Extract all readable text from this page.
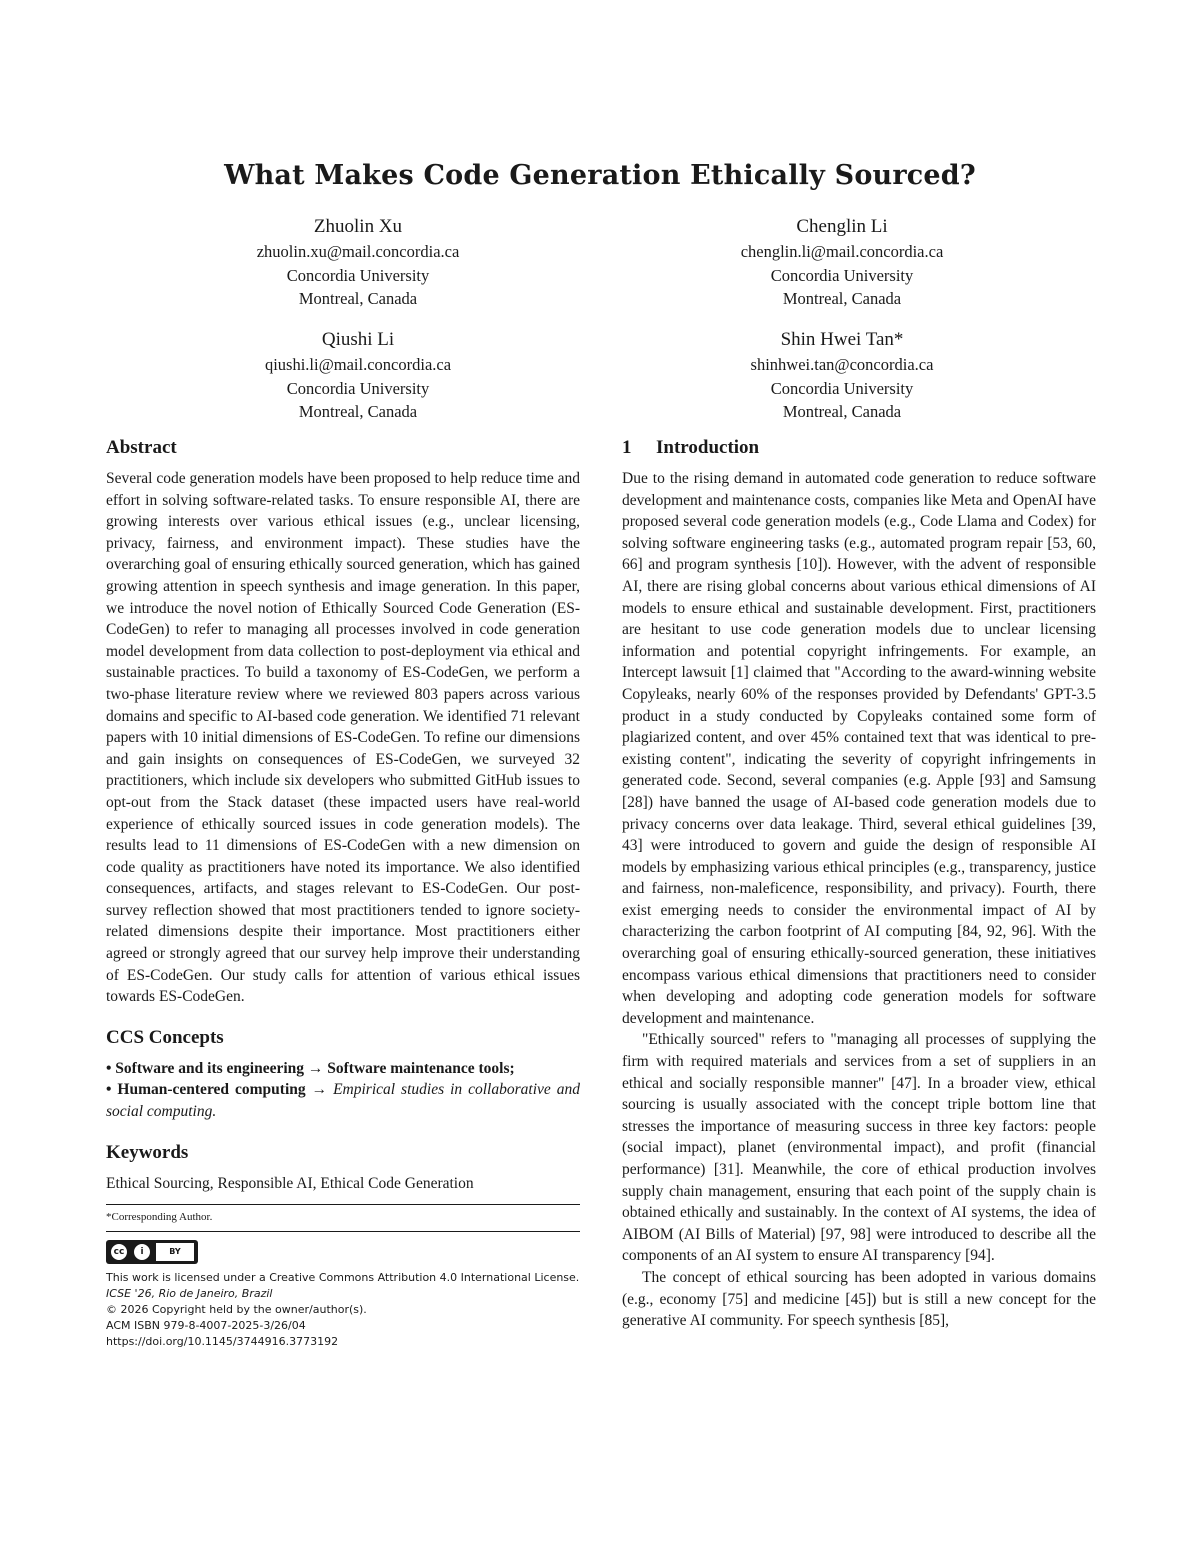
What Makes Code Generation Ethically Sourced?
Zhuolin Xu
zhuolin.xu@mail.concordia.ca
Concordia University
Montreal, Canada
Chenglin Li
chenglin.li@mail.concordia.ca
Concordia University
Montreal, Canada
Qiushi Li
qiushi.li@mail.concordia.ca
Concordia University
Montreal, Canada
Shin Hwei Tan*
shinhwei.tan@concordia.ca
Concordia University
Montreal, Canada
Abstract

Several code generation models have been proposed to help reduce time and effort in solving software-related tasks. To ensure responsible AI, there are growing interests over various ethical issues (e.g., unclear licensing, privacy, fairness, and environment impact). These studies have the overarching goal of ensuring ethically sourced generation, which has gained growing attention in speech synthesis and image generation. In this paper, we introduce the novel notion of Ethically Sourced Code Generation (ES-CodeGen) to refer to managing all processes involved in code generation model development from data collection to post-deployment via ethical and sustainable practices. To build a taxonomy of ES-CodeGen, we perform a two-phase literature review where we reviewed 803 papers across various domains and specific to AI-based code generation. We identified 71 relevant papers with 10 initial dimensions of ES-CodeGen. To refine our dimensions and gain insights on consequences of ES-CodeGen, we surveyed 32 practitioners, which include six developers who submitted GitHub issues to opt-out from the Stack dataset (these impacted users have real-world experience of ethically sourced issues in code generation models). The results lead to 11 dimensions of ES-CodeGen with a new dimension on code quality as practitioners have noted its importance. We also identified consequences, artifacts, and stages relevant to ES-CodeGen. Our post-survey reflection showed that most practitioners tended to ignore society-related dimensions despite their importance. Most practitioners either agreed or strongly agreed that our survey help improve their understanding of ES-CodeGen. Our study calls for attention of various ethical issues towards ES-CodeGen.

CCS Concepts
• Software and its engineering → Software maintenance tools;
• Human-centered computing → Empirical studies in collaborative and social computing.
Keywords

Ethical Sourcing, Responsible AI, Ethical Code Generation

*Corresponding Author.
cc	i	BY
This work is licensed under a Creative Commons Attribution 4.0 International License.
ICSE '26, Rio de Janeiro, Brazil
© 2026 Copyright held by the owner/author(s).
ACM ISBN 979-8-4007-2025-3/26/04
https://doi.org/10.1145/3744916.3773192
1 Introduction

Due to the rising demand in automated code generation to reduce software development and maintenance costs, companies like Meta and OpenAI have proposed several code generation models (e.g., Code Llama and Codex) for solving software engineering tasks (e.g., automated program repair [53, 60, 66] and program synthesis [10]). However, with the advent of responsible AI, there are rising global concerns about various ethical dimensions of AI models to ensure ethical and sustainable development. First, practitioners are hesitant to use code generation models due to unclear licensing information and potential copyright infringements. For example, an Intercept lawsuit [1] claimed that "According to the award-winning website Copyleaks, nearly 60% of the responses provided by Defendants' GPT-3.5 product in a study conducted by Copyleaks contained some form of plagiarized content, and over 45% contained text that was identical to pre-existing content", indicating the severity of copyright infringements in generated code. Second, several companies (e.g. Apple [93] and Samsung [28]) have banned the usage of AI-based code generation models due to privacy concerns over data leakage. Third, several ethical guidelines [39, 43] were introduced to govern and guide the design of responsible AI models by emphasizing various ethical principles (e.g., transparency, justice and fairness, non-maleficence, responsibility, and privacy). Fourth, there exist emerging needs to consider the environmental impact of AI by characterizing the carbon footprint of AI computing [84, 92, 96]. With the overarching goal of ensuring ethically-sourced generation, these initiatives encompass various ethical dimensions that practitioners need to consider when developing and adopting code generation models for software development and maintenance.

"Ethically sourced" refers to "managing all processes of supplying the firm with required materials and services from a set of suppliers in an ethical and socially responsible manner" [47]. In a broader view, ethical sourcing is usually associated with the concept triple bottom line that stresses the importance of measuring success in three key factors: people (social impact), planet (environmental impact), and profit (financial performance) [31]. Meanwhile, the core of ethical production involves supply chain management, ensuring that each point of the supply chain is obtained ethically and sustainably. In the context of AI systems, the idea of AIBOM (AI Bills of Material) [97, 98] were introduced to describe all the components of an AI system to ensure AI transparency [94].

The concept of ethical sourcing has been adopted in various domains (e.g., economy [75] and medicine [45]) but is still a new concept for the generative AI community. For speech synthesis [85],
